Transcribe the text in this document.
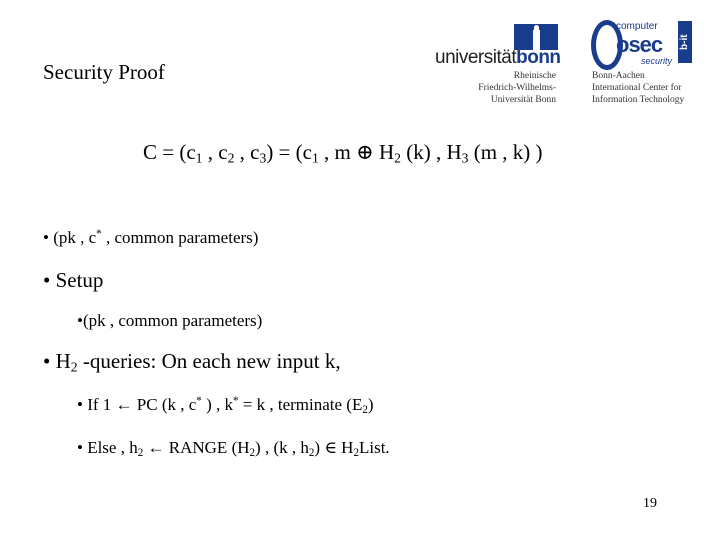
Security Proof
universitätbonn
Rheinische
Friedrich-Wilhelms-
Universität Bonn
computer
osec b-it
security
Bonn-Aachen
International Center for
Information Technology
$C = (c_1$ , $c_2$ , $c_3) = (c_1$ , m ⊕ $H_2$ (k) , $H_3$ (m , k) )
• (pk , c* , common parameters)
• Setup
•(pk , common parameters)
• $H_2$ -queries: On each new input k,
• If 1 ← PC (k , c* ) , k* = k , terminate $(E_2)$
• Else , $h_2$ ← RANGE $(H_2)$ , (k , $h_2$) ∈ $H_2List$.
19
